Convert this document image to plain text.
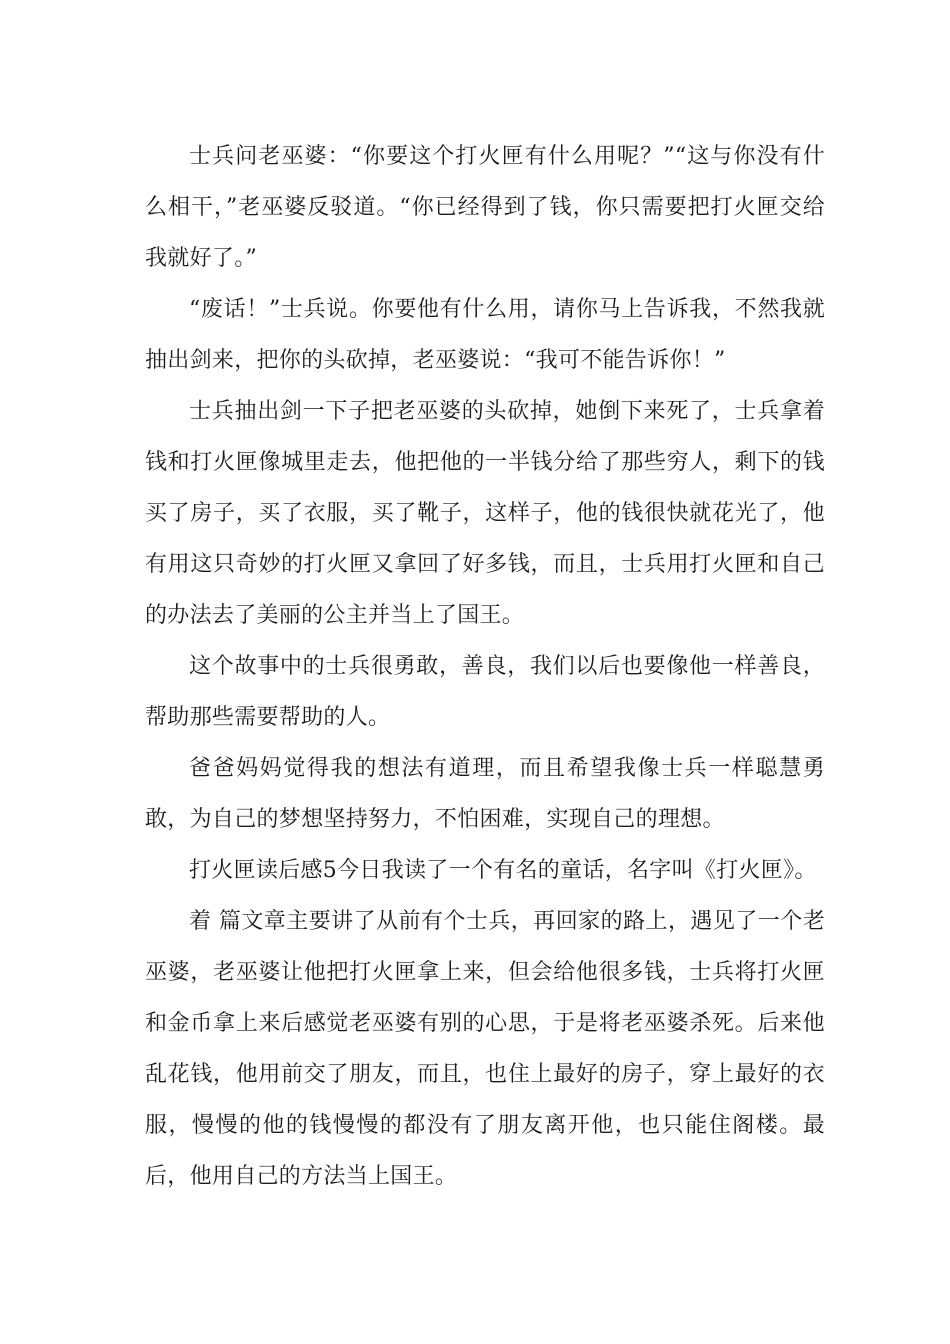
士兵问老巫婆：“你要这个打火匣有什么用呢？”“这与你没有什么相干，”老巫婆反驳道。“你已经得到了钱，你只需要把打火匣交给我就好了。”

“废话！”士兵说。你要他有什么用，请你马上告诉我，不然我就抽出剑来，把你的头砍掉，老巫婆说：“我可不能告诉你！”

士兵抽出剑一下子把老巫婆的头砍掉，她倒下来死了，士兵拿着钱和打火匣像城里走去，他把他的一半钱分给了那些穷人，剩下的钱买了房子，买了衣服，买了靴子，这样子，他的钱很快就花光了，他有用这只奇妙的打火匣又拿回了好多钱，而且，士兵用打火匣和自己的办法去了美丽的公主并当上了国王。

这个故事中的士兵很勇敢，善良，我们以后也要像他一样善良，帮助那些需要帮助的人。

爸爸妈妈觉得我的想法有道理，而且希望我像士兵一样聪慧勇敢，为自己的梦想坚持努力，不怕困难，实现自己的理想。

打火匣读后感5今日我读了一个有名的童话，名字叫《打火匣》。

着 篇文章主要讲了从前有个士兵，再回家的路上，遇见了一个老巫婆，老巫婆让他把打火匣拿上来，但会给他很多钱，士兵将打火匣和金币拿上来后感觉老巫婆有别的心思，于是将老巫婆杀死。后来他乱花钱，他用前交了朋友，而且，也住上最好的房子，穿上最好的衣服，慢慢的他的钱慢慢的都没有了朋友离开他，也只能住阁楼。最后，他用自己的方法当上国王。
